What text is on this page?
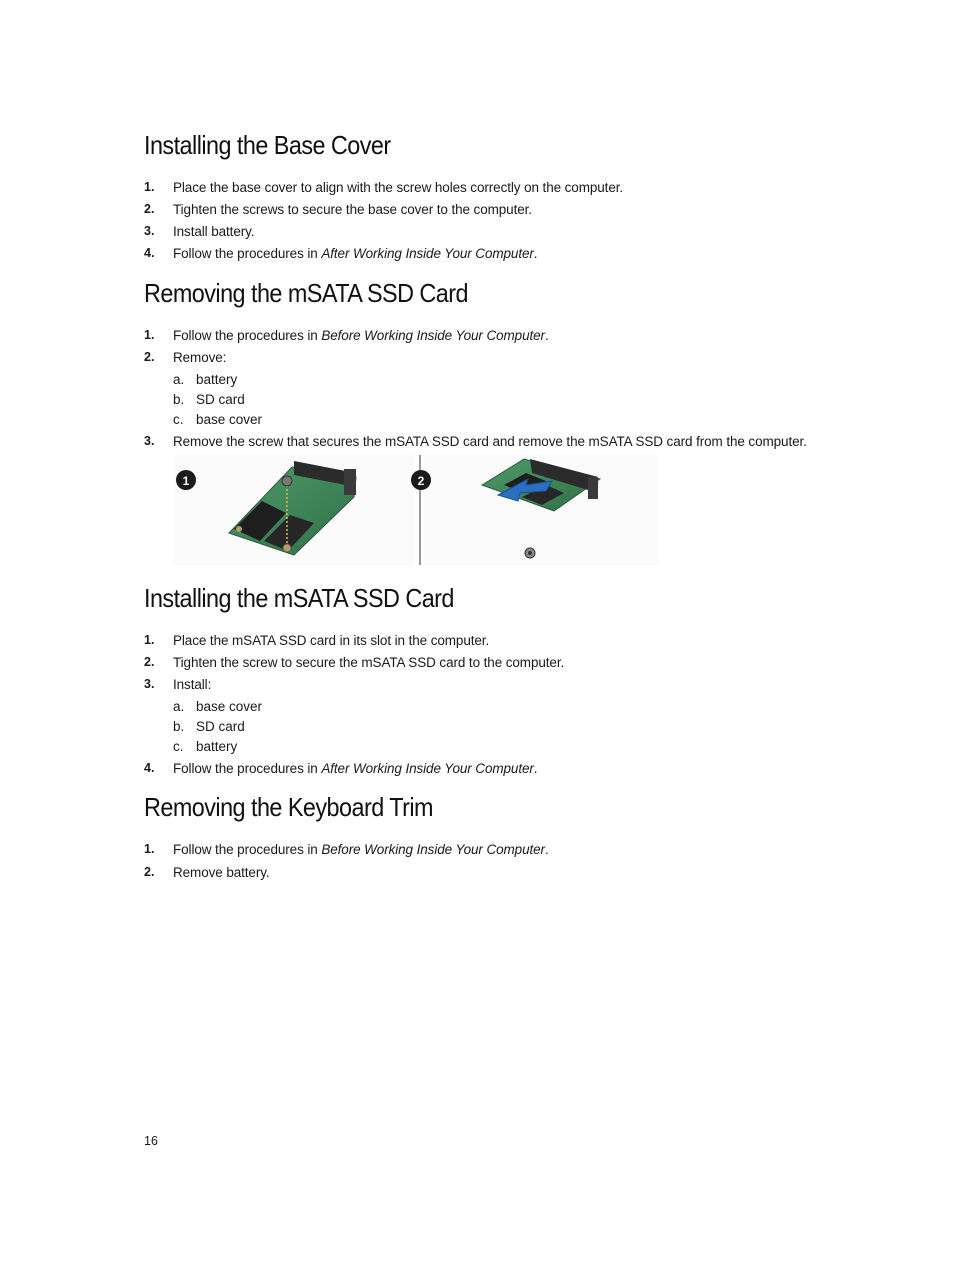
Installing the Base Cover
1. Place the base cover to align with the screw holes correctly on the computer.
2. Tighten the screws to secure the base cover to the computer.
3. Install battery.
4. Follow the procedures in After Working Inside Your Computer.
Removing the mSATA SSD Card
1. Follow the procedures in Before Working Inside Your Computer.
2. Remove:
a. battery
b. SD card
c. base cover
3. Remove the screw that secures the mSATA SSD card and remove the mSATA SSD card from the computer.
1	2
Installing the mSATA SSD Card
1. Place the mSATA SSD card in its slot in the computer.
2. Tighten the screw to secure the mSATA SSD card to the computer.
3. Install:
a. base cover
b. SD card
c. battery
4. Follow the procedures in After Working Inside Your Computer.
Removing the Keyboard Trim
1. Follow the procedures in Before Working Inside Your Computer.
2. Remove battery.
16
